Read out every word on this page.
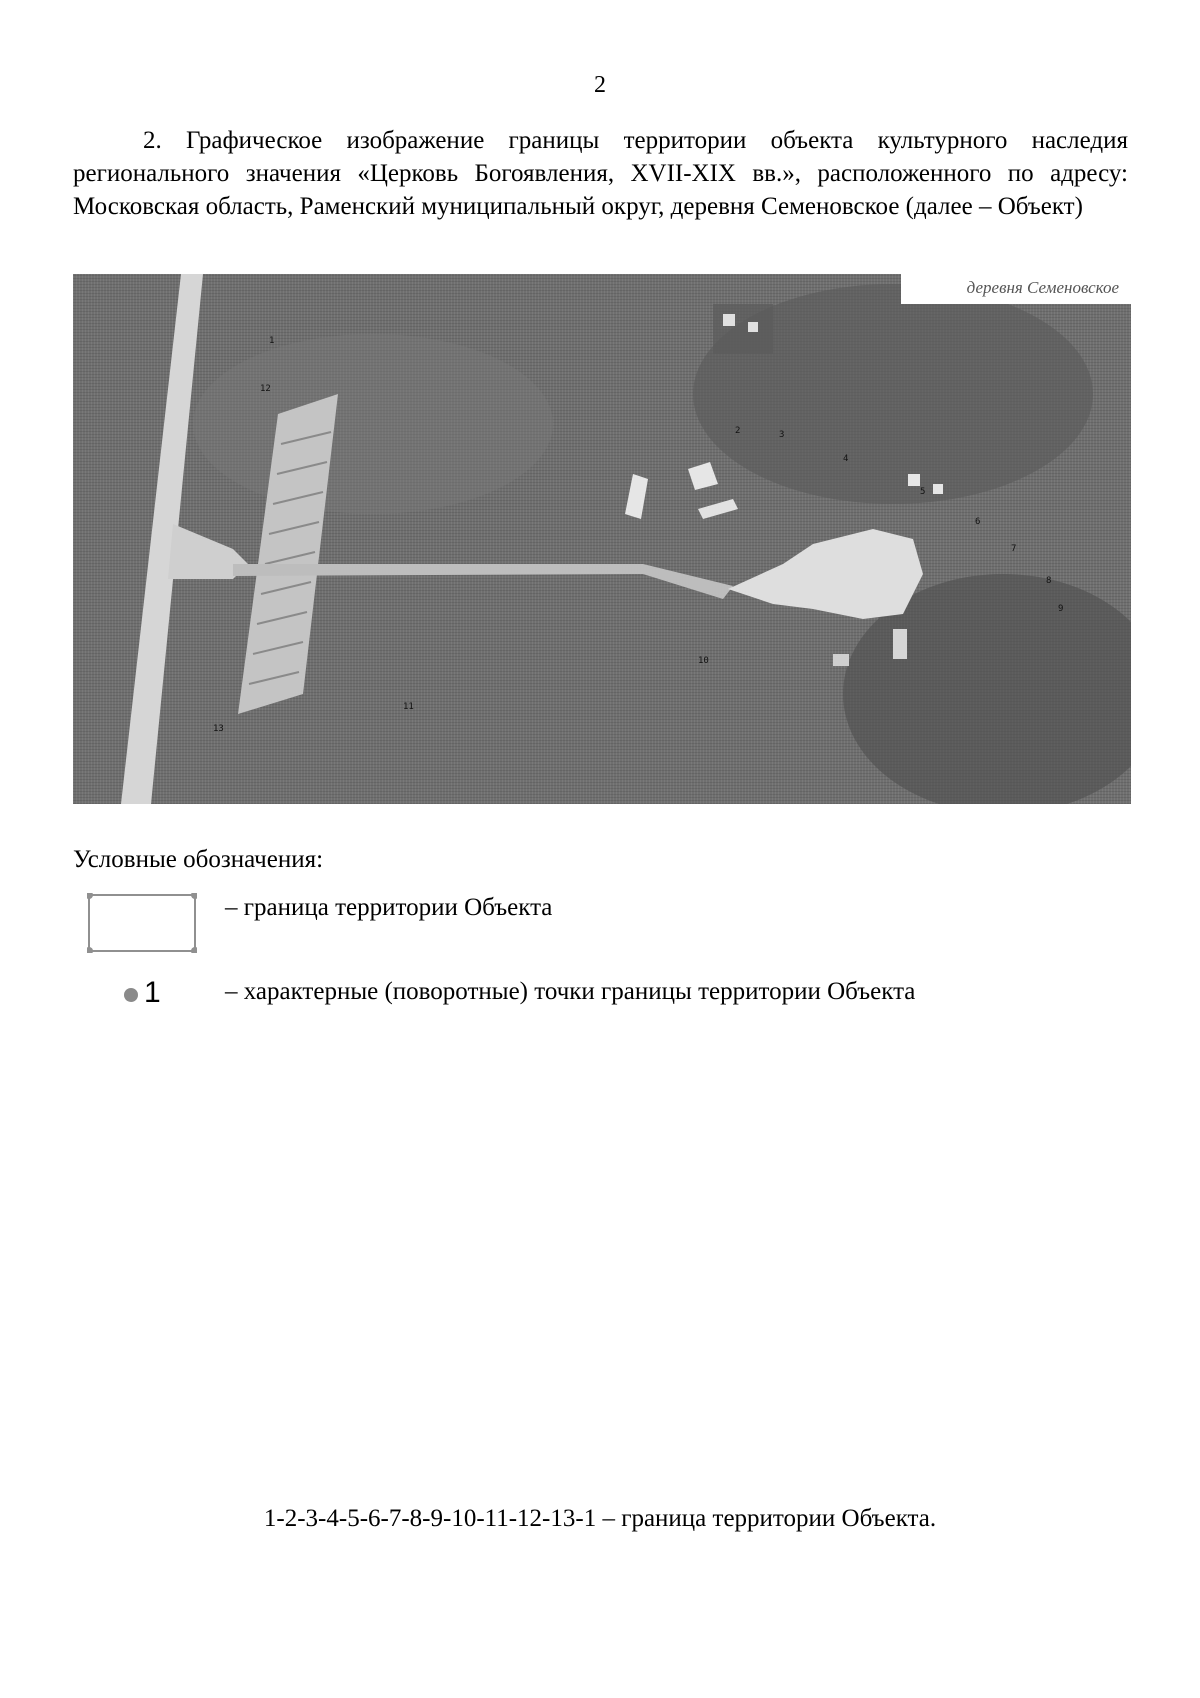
2

2. Графическое изображение границы территории объекта культурного наследия регионального значения «Церковь Богоявления, XVII-XIX вв.», расположенного по адресу: Московская область, Раменский муниципальный округ, деревня Семеновское (далее – Объект)

деревня Семеновское
1
2	3
4
5
6
7
8
9
10
11
12
13
Условные обозначения:
– граница территории Объекта
1	– характерные (поворотные) точки границы территории Объекта
1-2-3-4-5-6-7-8-9-10-11-12-13-1 – граница территории Объекта.
